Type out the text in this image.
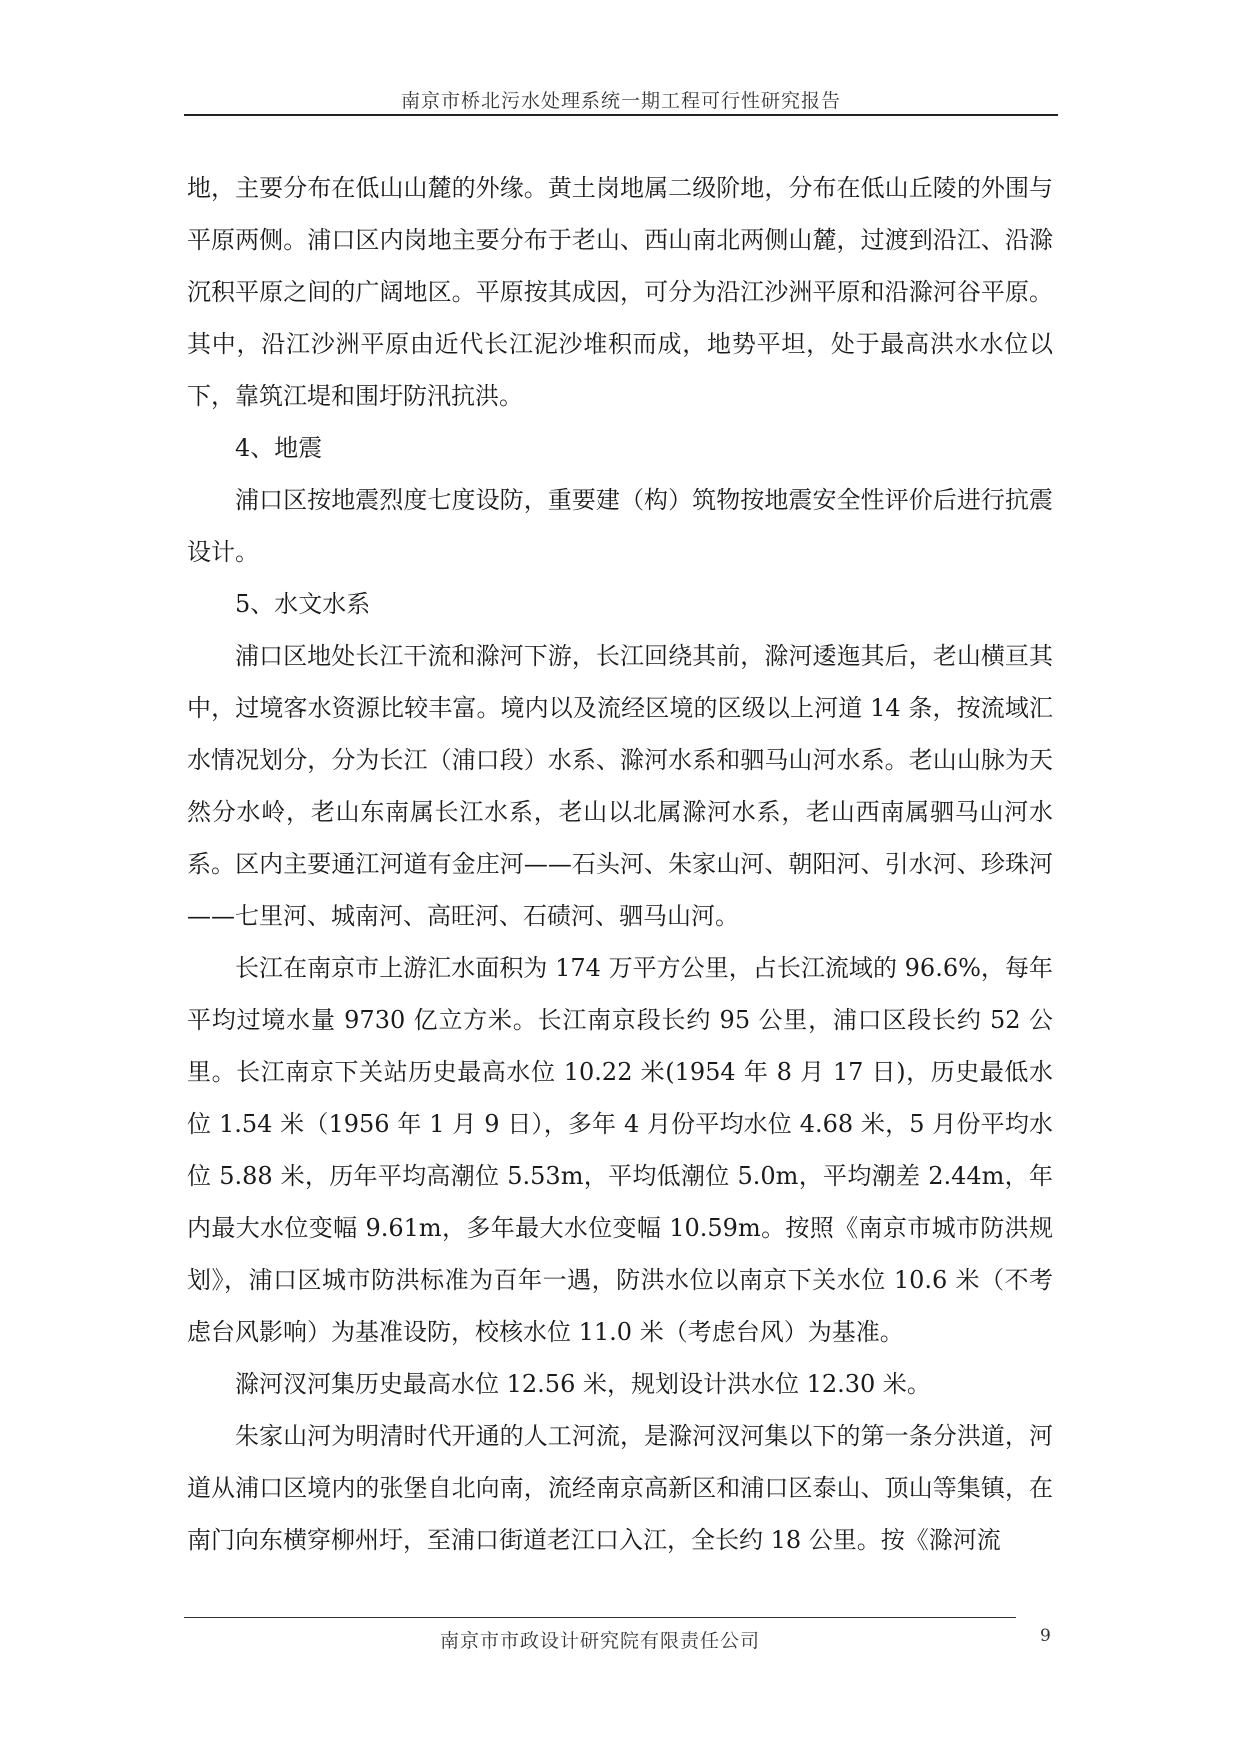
南京市桥北污水处理系统一期工程可行性研究报告

地，主要分布在低山山麓的外缘。黄土岗地属二级阶地，分布在低山丘陵的外围与平原两侧。浦口区内岗地主要分布于老山、西山南北两侧山麓，过渡到沿江、沿滁沉积平原之间的广阔地区。平原按其成因，可分为沿江沙洲平原和沿滁河谷平原。其中，沿江沙洲平原由近代长江泥沙堆积而成，地势平坦，处于最高洪水水位以下，靠筑江堤和围圩防汛抗洪。

4、地震

浦口区按地震烈度七度设防，重要建（构）筑物按地震安全性评价后进行抗震设计。

5、水文水系

浦口区地处长江干流和滁河下游，长江回绕其前，滁河逶迤其后，老山横亘其中，过境客水资源比较丰富。境内以及流经区境的区级以上河道 14 条，按流域汇水情况划分，分为长江（浦口段）水系、滁河水系和驷马山河水系。老山山脉为天然分水岭，老山东南属长江水系，老山以北属滁河水系，老山西南属驷马山河水系。区内主要通江河道有金庄河——石头河、朱家山河、朝阳河、引水河、珍珠河——七里河、城南河、高旺河、石碛河、驷马山河。

长江在南京市上游汇水面积为 174 万平方公里，占长江流域的 96.6%，每年平均过境水量 9730 亿立方米。长江南京段长约 95 公里，浦口区段长约 52 公里。长江南京下关站历史最高水位 10.22 米(1954 年 8 月 17 日)，历史最低水位 1.54 米（1956 年 1 月 9 日），多年 4 月份平均水位 4.68 米，5 月份平均水位 5.88 米，历年平均高潮位 5.53m，平均低潮位 5.0m，平均潮差 2.44m，年内最大水位变幅 9.61m，多年最大水位变幅 10.59m。按照《南京市城市防洪规划》，浦口区城市防洪标准为百年一遇，防洪水位以南京下关水位 10.6 米（不考虑台风影响）为基准设防，校核水位 11.0 米（考虑台风）为基准。

滁河汊河集历史最高水位 12.56 米，规划设计洪水位 12.30 米。

朱家山河为明清时代开通的人工河流，是滁河汊河集以下的第一条分洪道，河道从浦口区境内的张堡自北向南，流经南京高新区和浦口区泰山、顶山等集镇，在南门向东横穿柳州圩，至浦口街道老江口入江，全长约 18 公里。按《滁河流

南京市市政设计研究院有限责任公司	9
